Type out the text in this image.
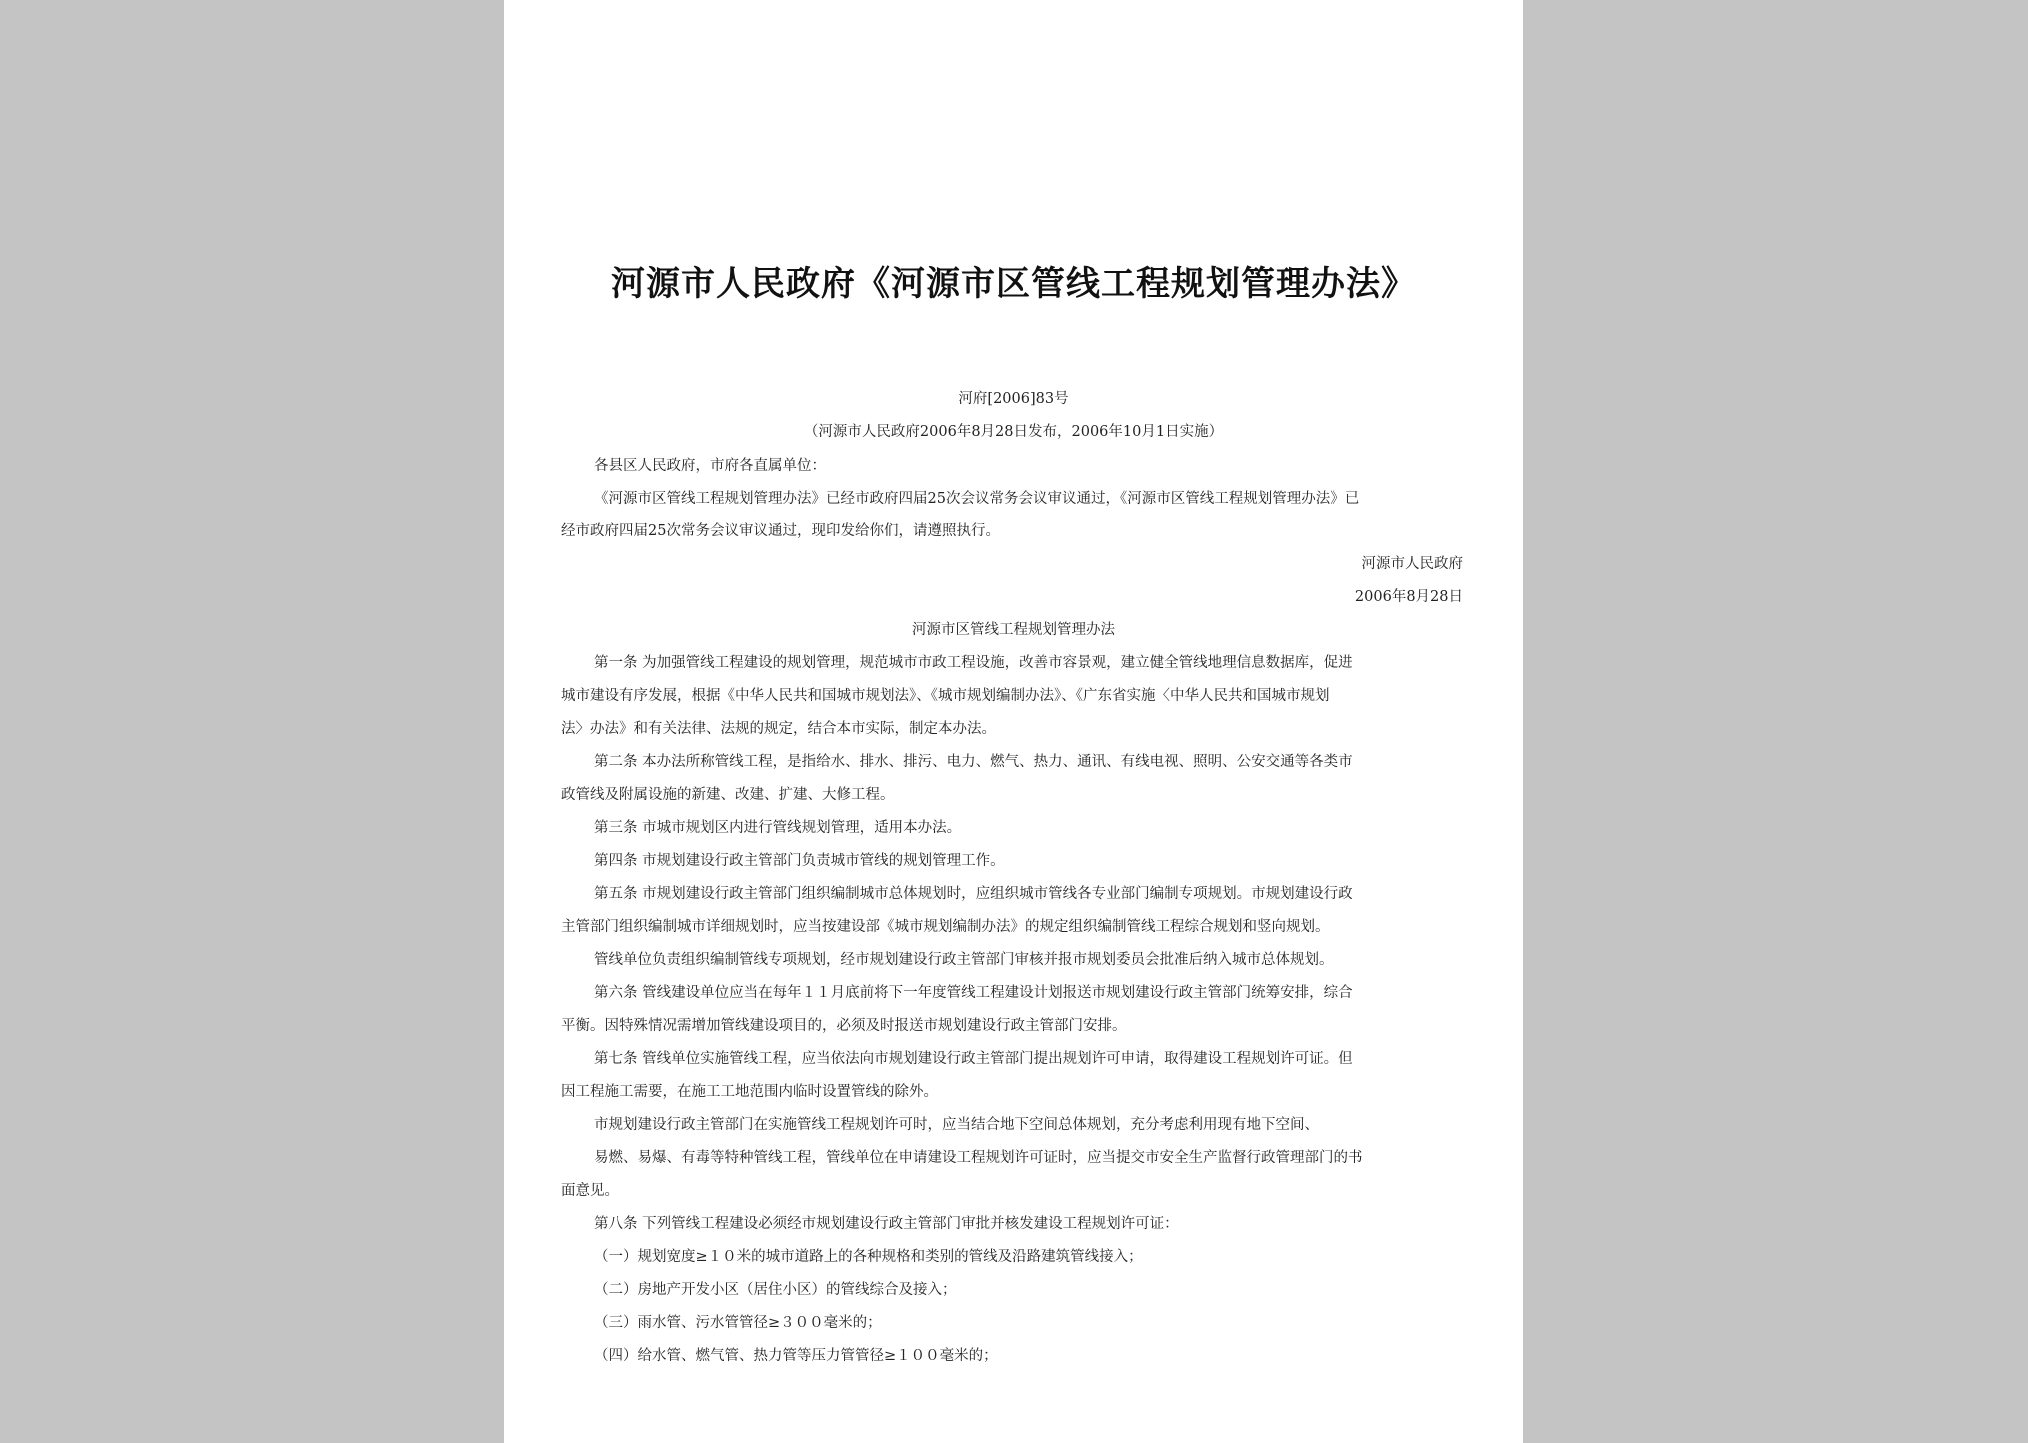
河源市人民政府《河源市区管线工程规划管理办法》
河府[2006]83号
（河源市人民政府2006年8月28日发布，2006年10月1日实施）
各县区人民政府，市府各直属单位：
《河源市区管线工程规划管理办法》已经市政府四届25次会议常务会议审议通过，《河源市区管线工程规划管理办法》已
经市政府四届25次常务会议审议通过，现印发给你们，请遵照执行。
河源市人民政府
2006年8月28日
河源市区管线工程规划管理办法
第一条 为加强管线工程建设的规划管理，规范城市市政工程设施，改善市容景观，建立健全管线地理信息数据库，促进
城市建设有序发展，根据《中华人民共和国城市规划法》、《城市规划编制办法》、《广东省实施〈中华人民共和国城市规划
法〉办法》和有关法律、法规的规定，结合本市实际，制定本办法。
第二条 本办法所称管线工程，是指给水、排水、排污、电力、燃气、热力、通讯、有线电视、照明、公安交通等各类市
政管线及附属设施的新建、改建、扩建、大修工程。
第三条 市城市规划区内进行管线规划管理，适用本办法。
第四条 市规划建设行政主管部门负责城市管线的规划管理工作。
第五条 市规划建设行政主管部门组织编制城市总体规划时，应组织城市管线各专业部门编制专项规划。市规划建设行政
主管部门组织编制城市详细规划时，应当按建设部《城市规划编制办法》的规定组织编制管线工程综合规划和竖向规划。
管线单位负责组织编制管线专项规划，经市规划建设行政主管部门审核并报市规划委员会批准后纳入城市总体规划。
第六条 管线建设单位应当在每年１１月底前将下一年度管线工程建设计划报送市规划建设行政主管部门统筹安排，综合
平衡。因特殊情况需增加管线建设项目的，必须及时报送市规划建设行政主管部门安排。
第七条 管线单位实施管线工程，应当依法向市规划建设行政主管部门提出规划许可申请，取得建设工程规划许可证。但
因工程施工需要，在施工工地范围内临时设置管线的除外。
市规划建设行政主管部门在实施管线工程规划许可时，应当结合地下空间总体规划，充分考虑利用现有地下空间、
易燃、易爆、有毒等特种管线工程，管线单位在申请建设工程规划许可证时，应当提交市安全生产监督行政管理部门的书
面意见。
第八条 下列管线工程建设必须经市规划建设行政主管部门审批并核发建设工程规划许可证：
（一）规划宽度≥１０米的城市道路上的各种规格和类别的管线及沿路建筑管线接入；
（二）房地产开发小区（居住小区）的管线综合及接入；
（三）雨水管、污水管管径≥３００毫米的；
（四）给水管、燃气管、热力管等压力管管径≥１００毫米的；
